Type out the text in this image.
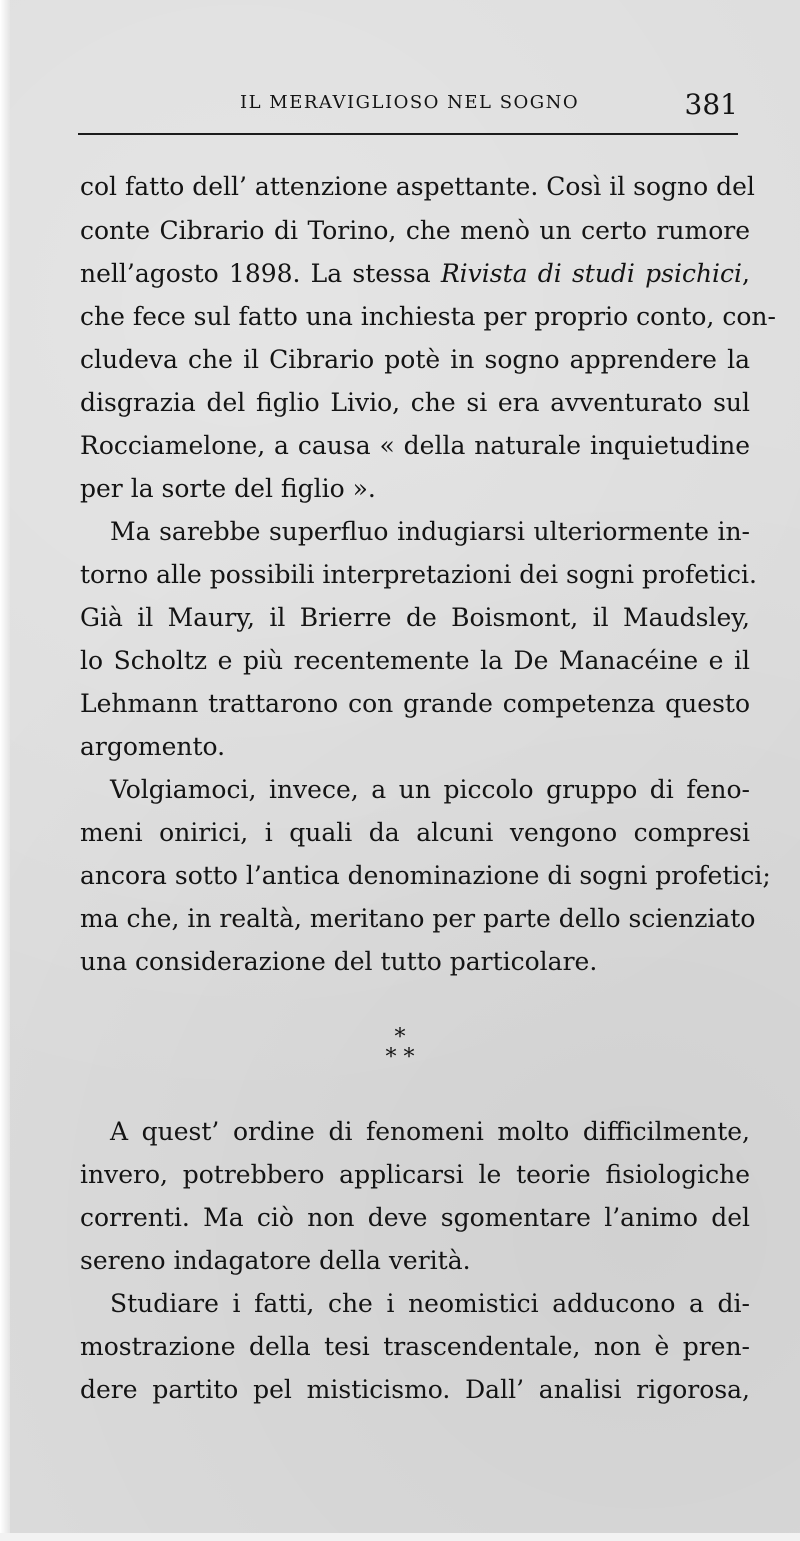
IL MERAVIGLIOSO NEL SOGNO	381
col fatto dell’ attenzione aspettante. Così il sogno del
conte Cibrario di Torino, che menò un certo rumore
nell’agosto 1898. La stessa Rivista di studi psichici,
che fece sul fatto una inchiesta per proprio conto, con-
cludeva che il Cibrario potè in sogno apprendere la
disgrazia del figlio Livio, che si era avventurato sul
Rocciamelone, a causa « della naturale inquietudine
per la sorte del figlio ».
Ma sarebbe superfluo indugiarsi ulteriormente in-
torno alle possibili interpretazioni dei sogni profetici.
Già il Maury, il Brierre de Boismont, il Maudsley,
lo Scholtz e più recentemente la De Manacéine e il
Lehmann trattarono con grande competenza questo
argomento.
Volgiamoci, invece, a un piccolo gruppo di feno-
meni onirici, i quali da alcuni vengono compresi
ancora sotto l’antica denominazione di sogni profetici;
ma che, in realtà, meritano per parte dello scienziato
una considerazione del tutto particolare.
*
* *
A quest’ ordine di fenomeni molto difficilmente,
invero, potrebbero applicarsi le teorie fisiologiche
correnti. Ma ciò non deve sgomentare l’animo del
sereno indagatore della verità.
Studiare i fatti, che i neomistici adducono a di-
mostrazione della tesi trascendentale, non è pren-
dere partito pel misticismo. Dall’ analisi rigorosa,
